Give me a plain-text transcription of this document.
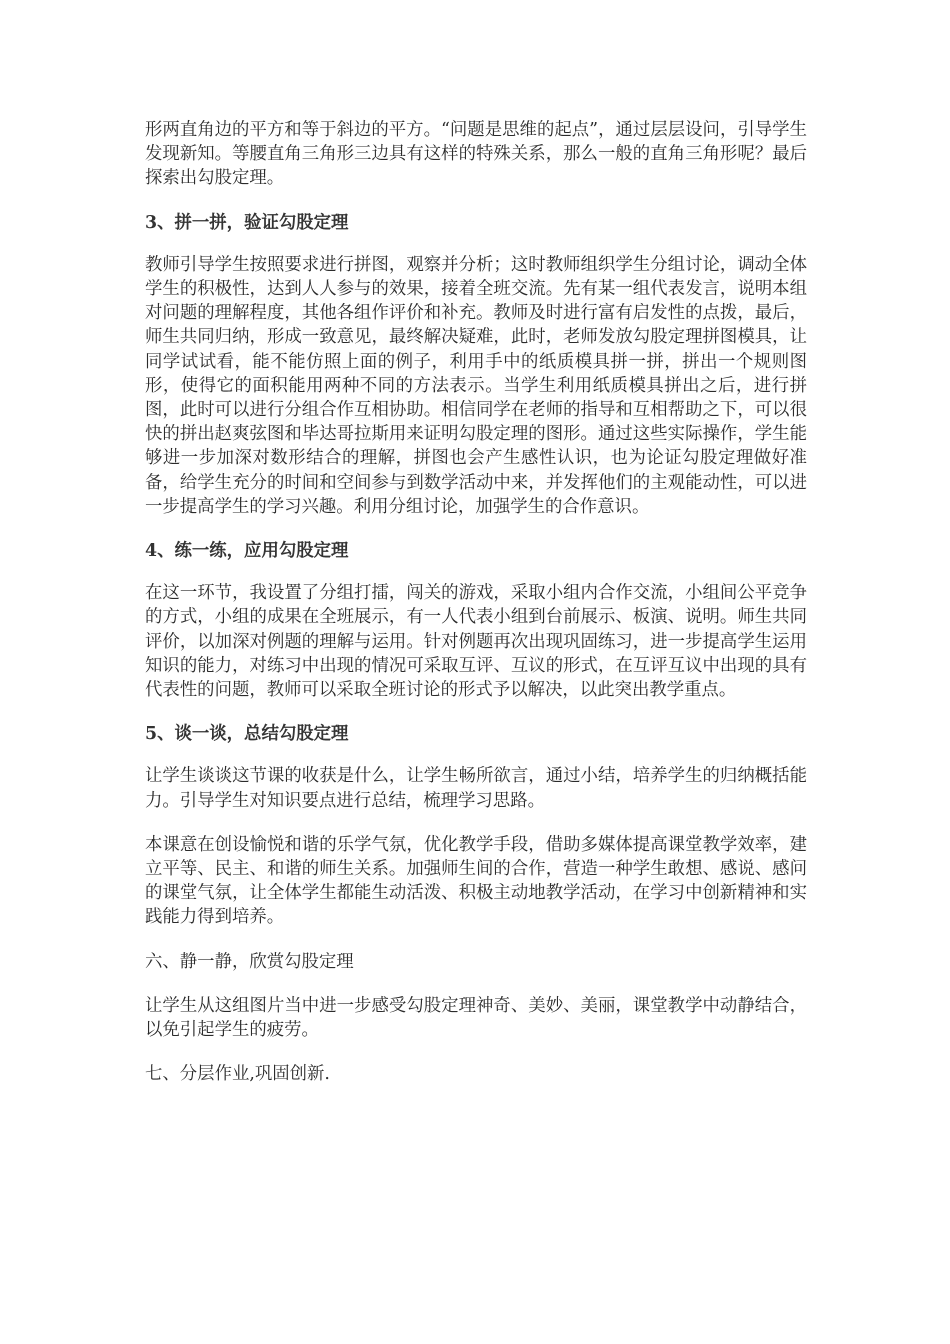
形两直角边的平方和等于斜边的平方。“问题是思维的起点”，通过层层设问，引导学生发现新知。等腰直角三角形三边具有这样的特殊关系，那么一般的直角三角形呢？最后探索出勾股定理。

3、拼一拼，验证勾股定理

教师引导学生按照要求进行拼图，观察并分析；这时教师组织学生分组讨论，调动全体学生的积极性，达到人人参与的效果，接着全班交流。先有某一组代表发言，说明本组对问题的理解程度，其他各组作评价和补充。教师及时进行富有启发性的点拨，最后，师生共同归纳，形成一致意见，最终解决疑难，此时，老师发放勾股定理拼图模具，让同学试试看，能不能仿照上面的例子，利用手中的纸质模具拼一拼，拼出一个规则图形，使得它的面积能用两种不同的方法表示。当学生利用纸质模具拼出之后，进行拼图，此时可以进行分组合作互相协助。相信同学在老师的指导和互相帮助之下，可以很快的拼出赵爽弦图和毕达哥拉斯用来证明勾股定理的图形。通过这些实际操作，学生能够进一步加深对数形结合的理解，拼图也会产生感性认识，也为论证勾股定理做好准备，给学生充分的时间和空间参与到数学活动中来，并发挥他们的主观能动性，可以进一步提高学生的学习兴趣。利用分组讨论，加强学生的合作意识。

4、练一练，应用勾股定理

在这一环节，我设置了分组打擂，闯关的游戏，采取小组内合作交流，小组间公平竞争的方式，小组的成果在全班展示，有一人代表小组到台前展示、板演、说明。师生共同评价，以加深对例题的理解与运用。针对例题再次出现巩固练习，进一步提高学生运用知识的能力，对练习中出现的情况可采取互评、互议的形式，在互评互议中出现的具有代表性的问题，教师可以采取全班讨论的形式予以解决，以此突出教学重点。

5、谈一谈，总结勾股定理

让学生谈谈这节课的收获是什么，让学生畅所欲言，通过小结，培养学生的归纳概括能力。引导学生对知识要点进行总结，梳理学习思路。

本课意在创设愉悦和谐的乐学气氛，优化教学手段，借助多媒体提高课堂教学效率，建立平等、民主、和谐的师生关系。加强师生间的合作，营造一种学生敢想、感说、感问的课堂气氛，让全体学生都能生动活泼、积极主动地教学活动，在学习中创新精神和实践能力得到培养。

六、静一静，欣赏勾股定理

让学生从这组图片当中进一步感受勾股定理神奇、美妙、美丽，课堂教学中动静结合，以免引起学生的疲劳。

七、分层作业,巩固创新.
